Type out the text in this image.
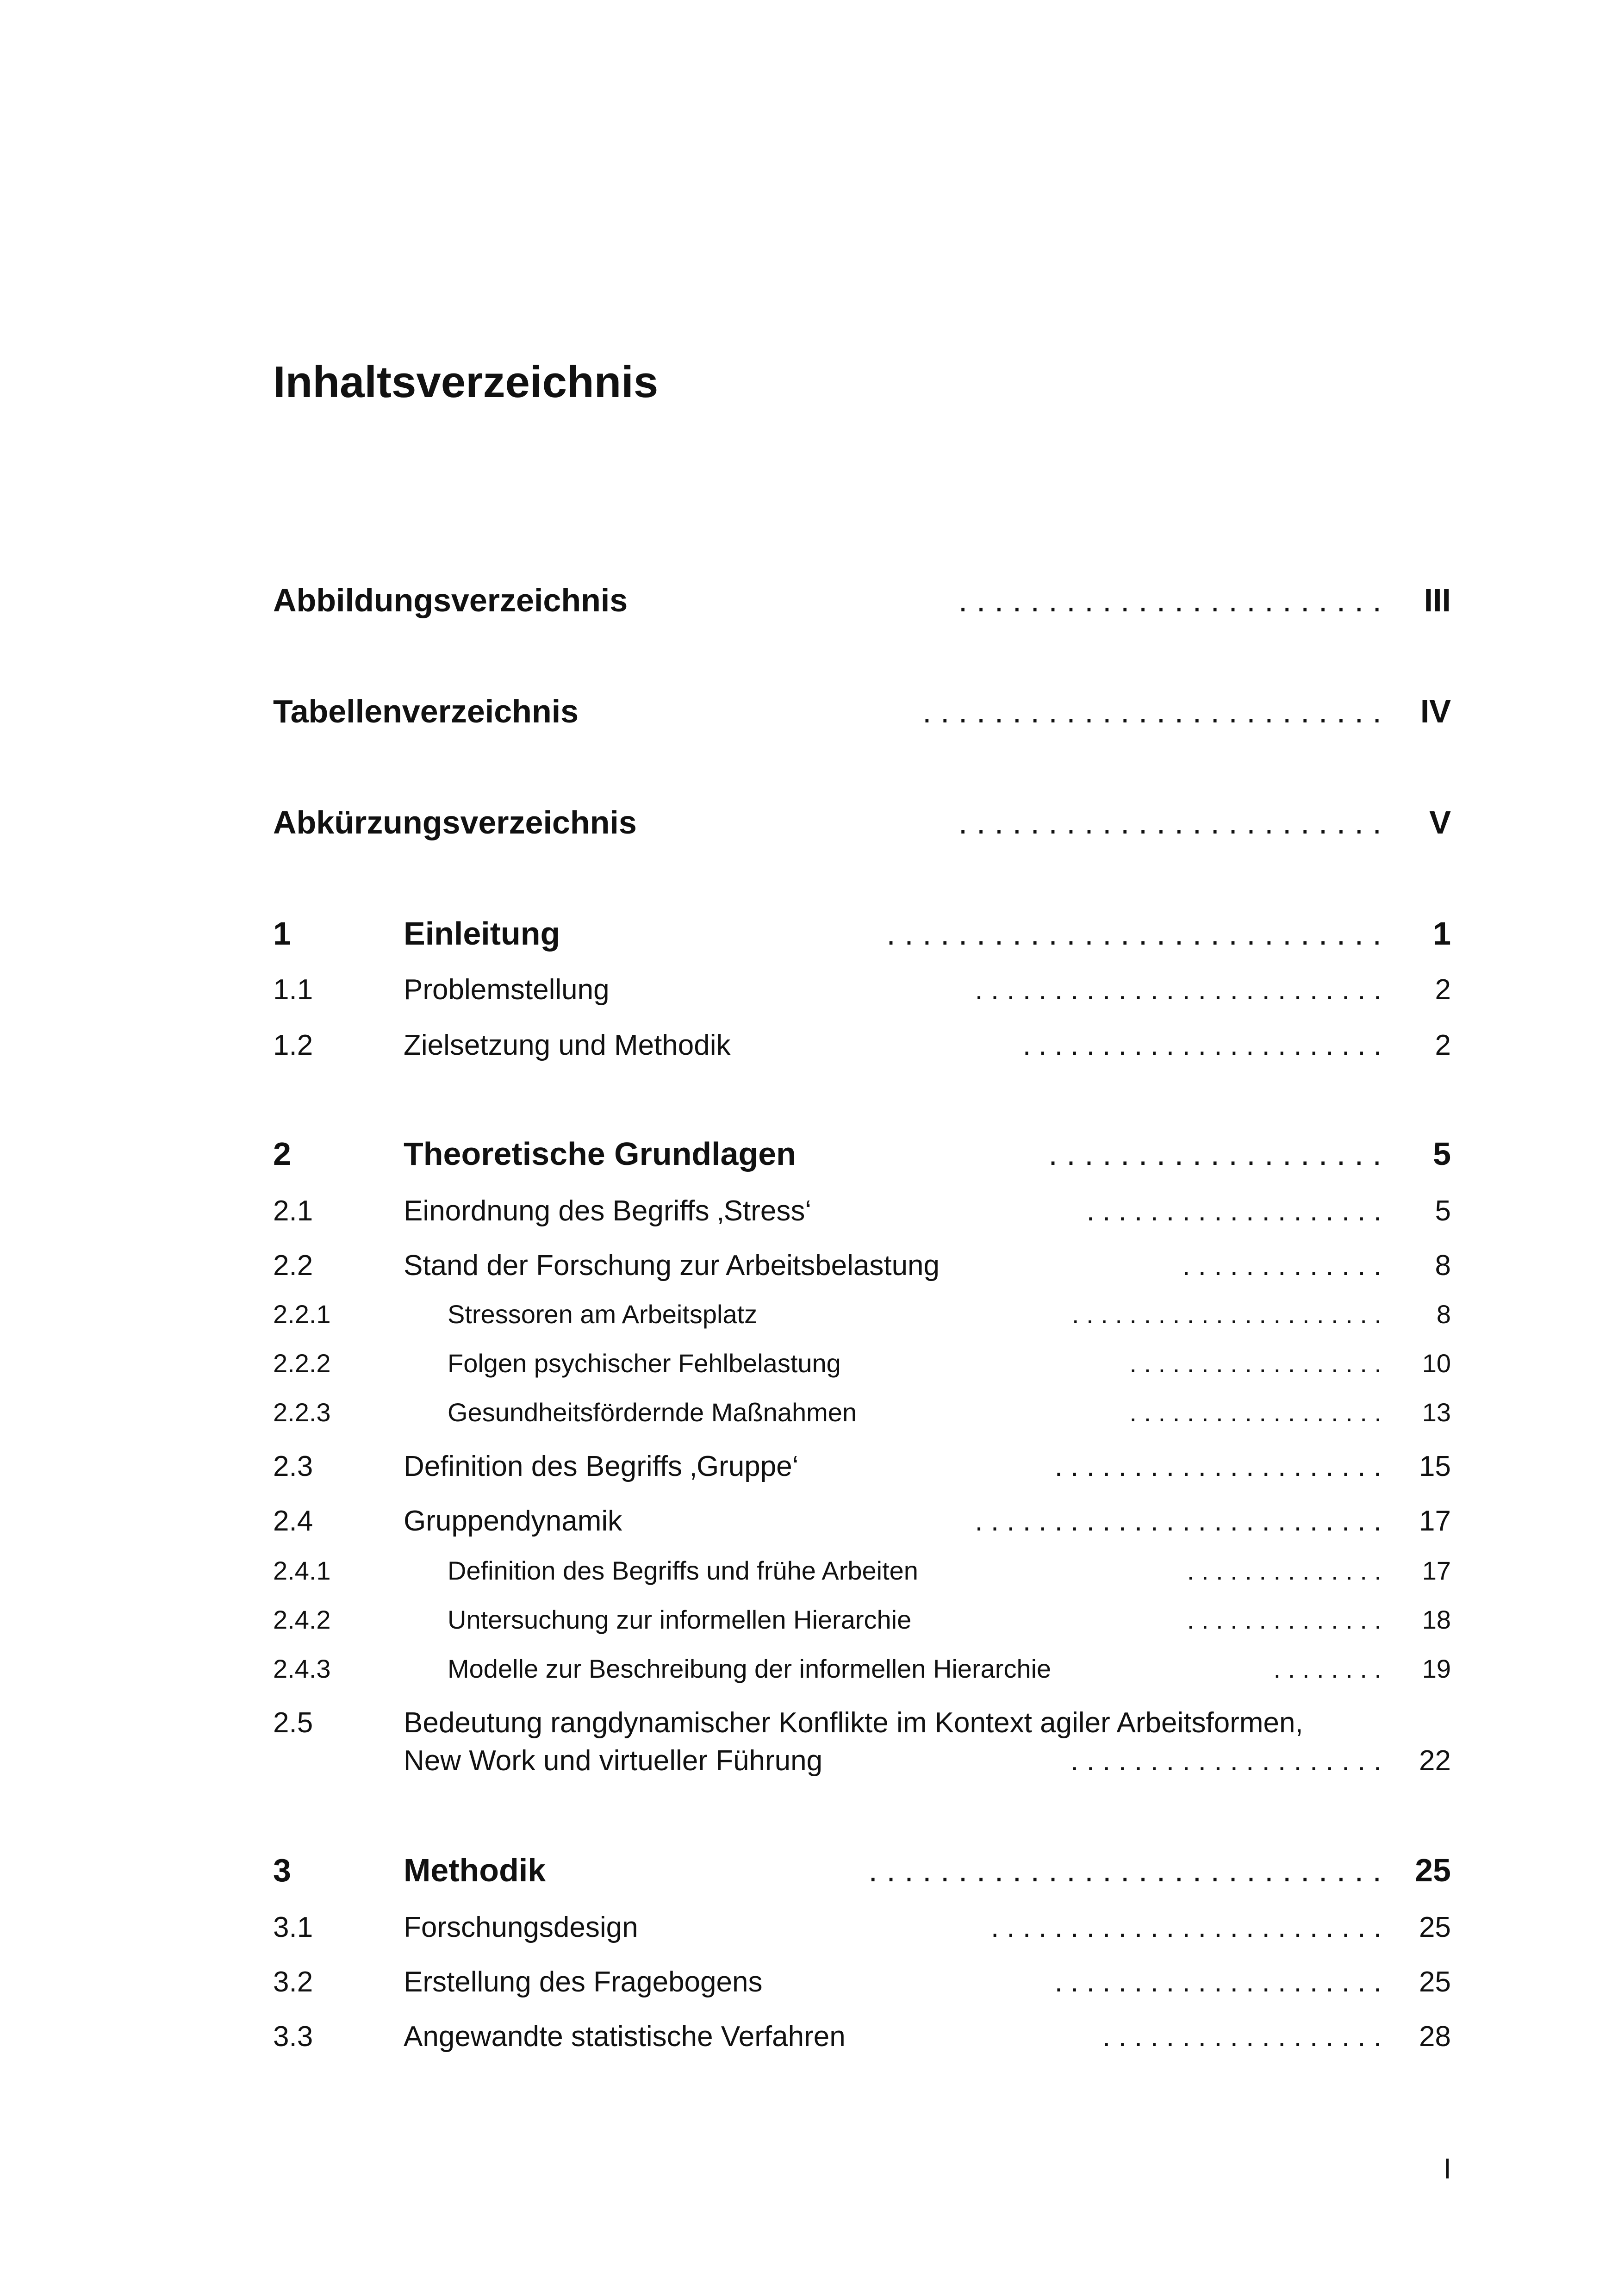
Inhaltsverzeichnis
Abbildungsverzeichnis	. . . . . . . . . . . . . . . . . . . . . . . . III
Tabellenverzeichnis	. . . . . . . . . . . . . . . . . . . . . . . . . . IV
Abkürzungsverzeichnis	. . . . . . . . . . . . . . . . . . . . . . . . V
1	Einleitung	. . . . . . . . . . . . . . . . . . . . . . . . . . . . 1
1.1	Problemstellung	. . . . . . . . . . . . . . . . . . . . . . . . . . 2
1.2	Zielsetzung und Methodik	. . . . . . . . . . . . . . . . . . . . . . . 2
2	Theoretische Grundlagen	. . . . . . . . . . . . . . . . . . . 5
2.1	Einordnung des Begriffs ‚Stress‘	. . . . . . . . . . . . . . . . . . . 5
2.2	Stand der Forschung zur Arbeitsbelastung	. . . . . . . . . . . . . 8
2.2.1	Stressoren am Arbeitsplatz	. . . . . . . . . . . . . . . . . . . . . . 8
2.2.2	Folgen psychischer Fehlbelastung	. . . . . . . . . . . . . . . . . . 10
2.2.3	Gesundheitsfördernde Maßnahmen	. . . . . . . . . . . . . . . . . . 13
2.3	Definition des Begriffs ‚Gruppe‘	. . . . . . . . . . . . . . . . . . . . . 15
2.4	Gruppendynamik	. . . . . . . . . . . . . . . . . . . . . . . . . . 17
2.4.1	Definition des Begriffs und frühe Arbeiten	. . . . . . . . . . . . . . 17
2.4.2	Untersuchung zur informellen Hierarchie	. . . . . . . . . . . . . . 18
2.4.3	Modelle zur Beschreibung der informellen Hierarchie	. . . . . . . . 19
2.5	Bedeutung rangdynamischer Konflikte im Kontext agiler Arbeitsformen,
New Work und virtueller Führung	. . . . . . . . . . . . . . . . . . . . 22
3	Methodik	. . . . . . . . . . . . . . . . . . . . . . . . . . . . . 25
3.1	Forschungsdesign	. . . . . . . . . . . . . . . . . . . . . . . . . 25
3.2	Erstellung des Fragebogens	. . . . . . . . . . . . . . . . . . . . . 25
3.3	Angewandte statistische Verfahren	. . . . . . . . . . . . . . . . . . 28
I
